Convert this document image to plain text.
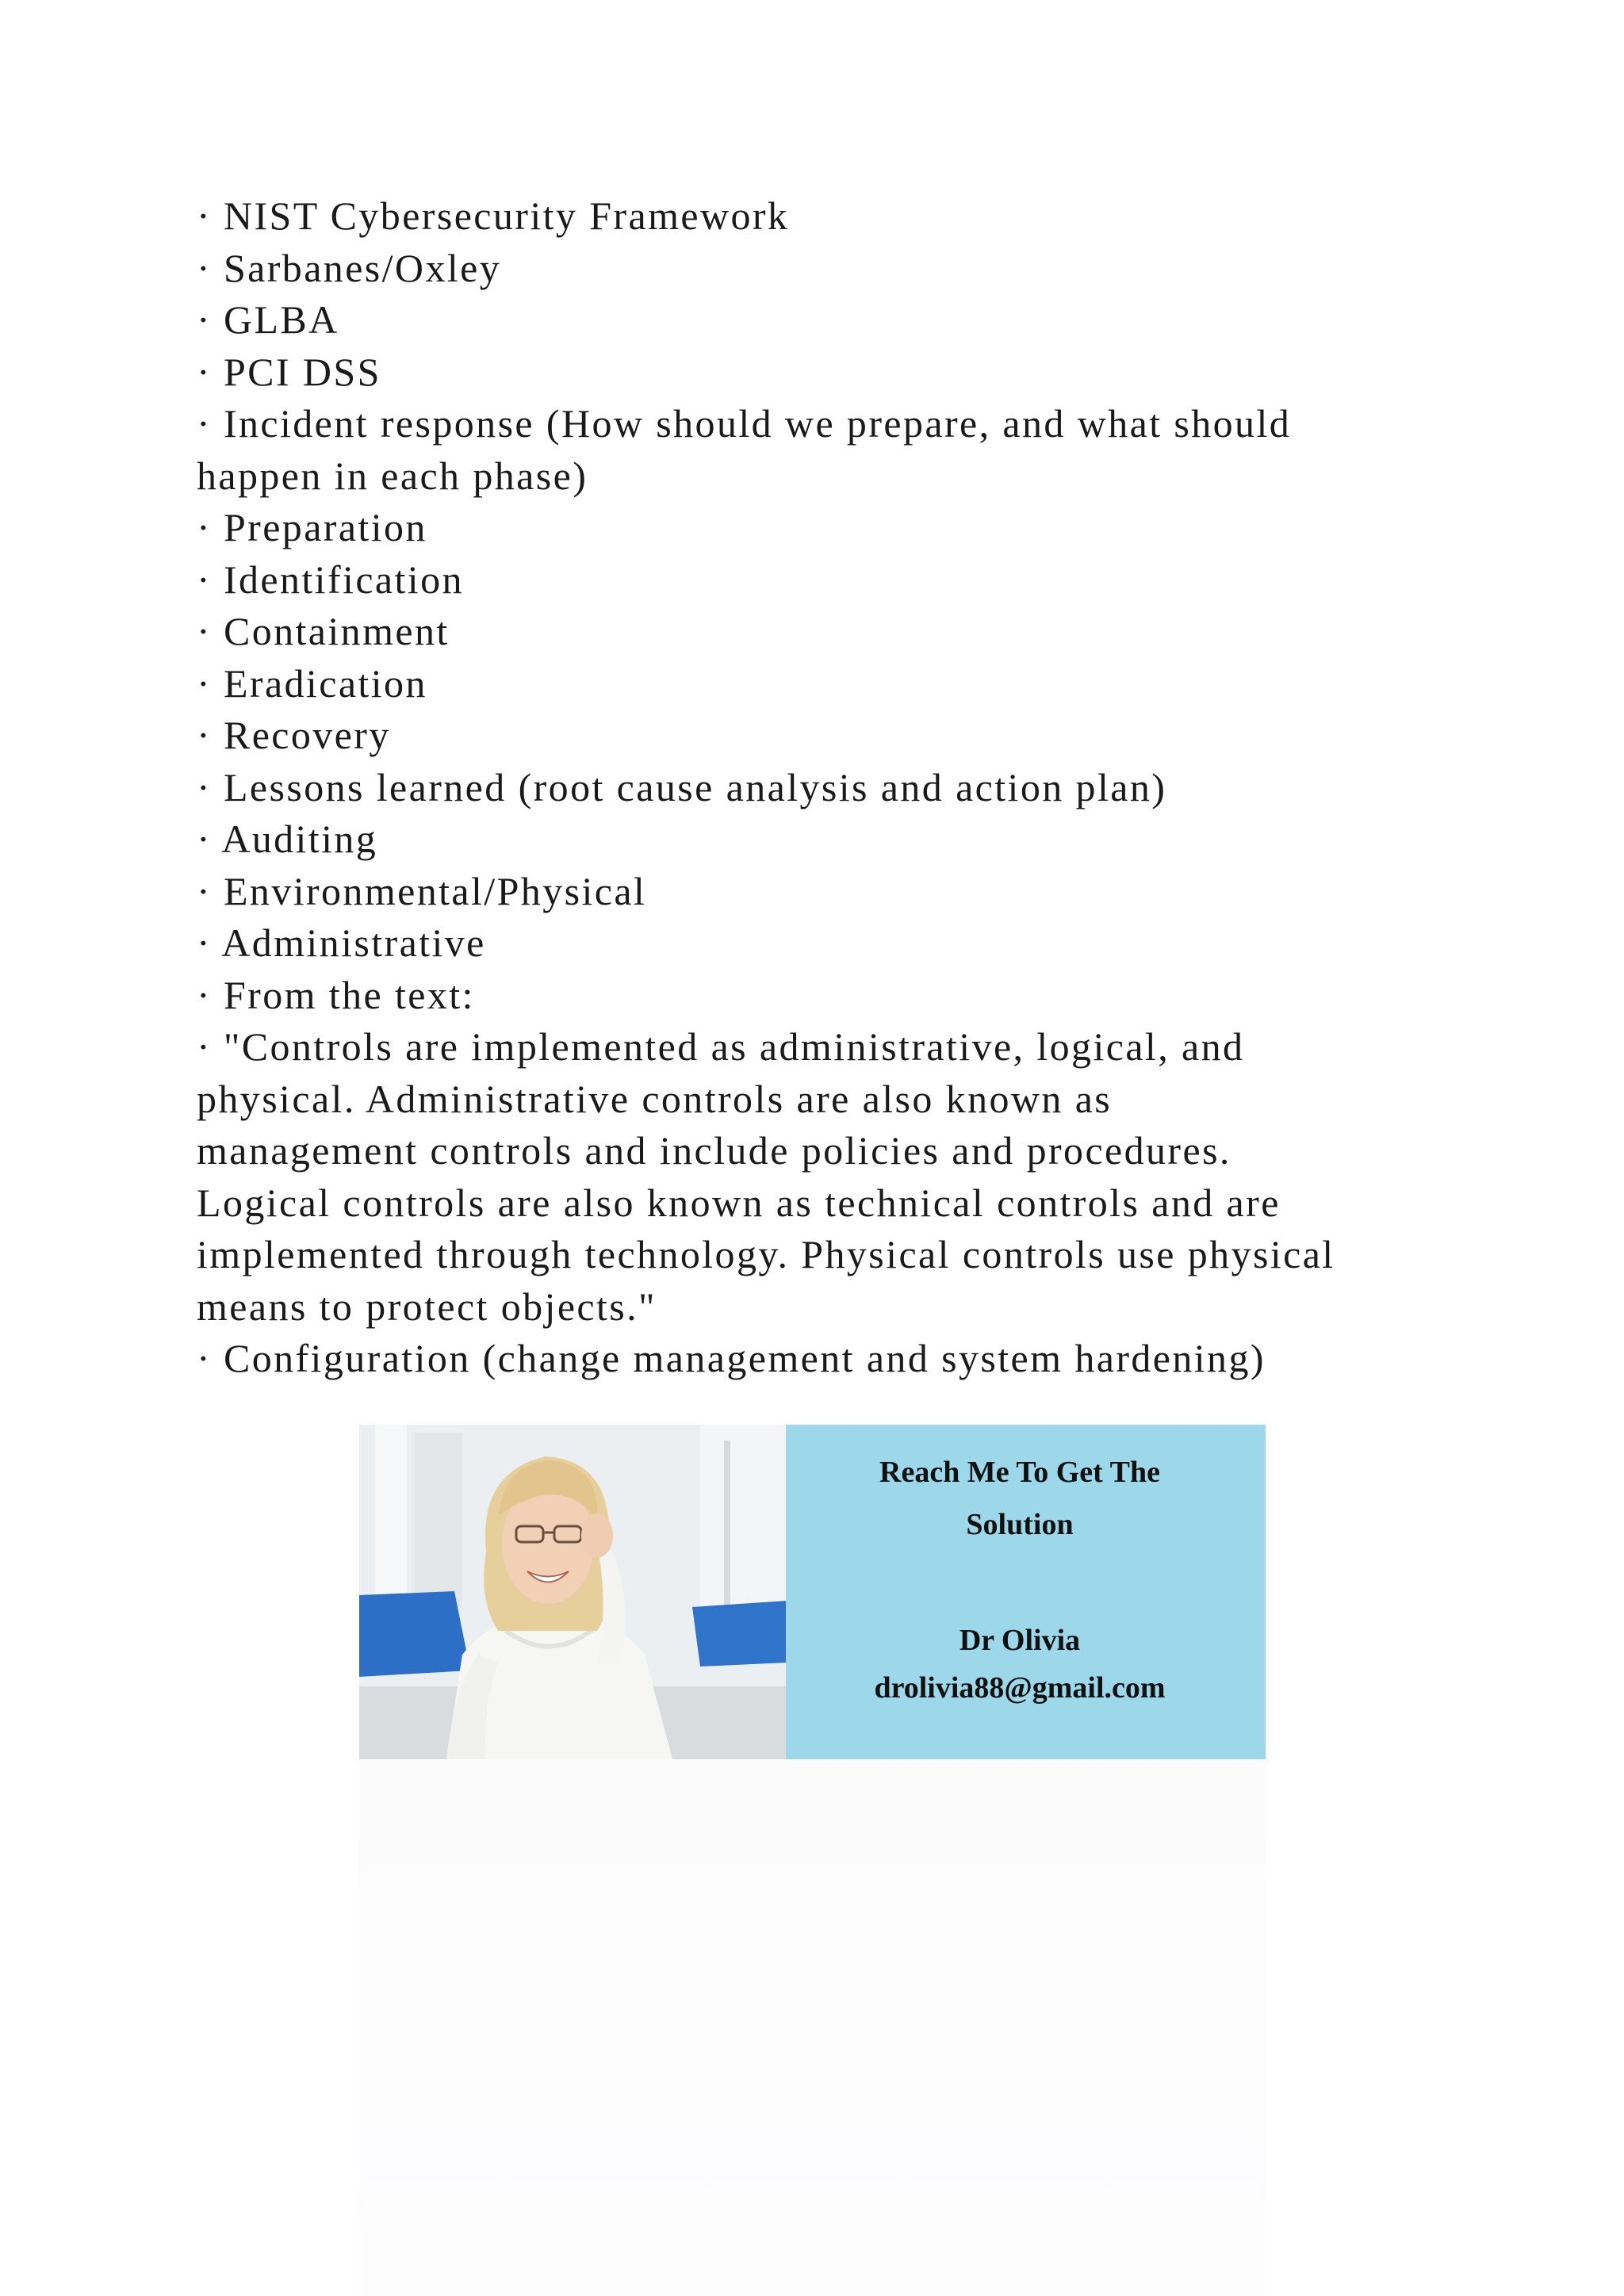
· NIST Cybersecurity Framework
· Sarbanes/Oxley
· GLBA
· PCI DSS
· Incident response (How should we prepare, and what should
happen in each phase)
· Preparation
· Identification
· Containment
· Eradication
· Recovery
· Lessons learned (root cause analysis and action plan)
· Auditing
· Environmental/Physical
· Administrative
· From the text:
· "Controls are implemented as administrative, logical, and
physical. Administrative controls are also known as
management controls and include policies and procedures.
Logical controls are also known as technical controls and are
implemented through technology. Physical controls use physical
means to protect objects."
· Configuration (change management and system hardening)
Reach Me To Get The
Solution
Dr Olivia
drolivia88@gmail.com
